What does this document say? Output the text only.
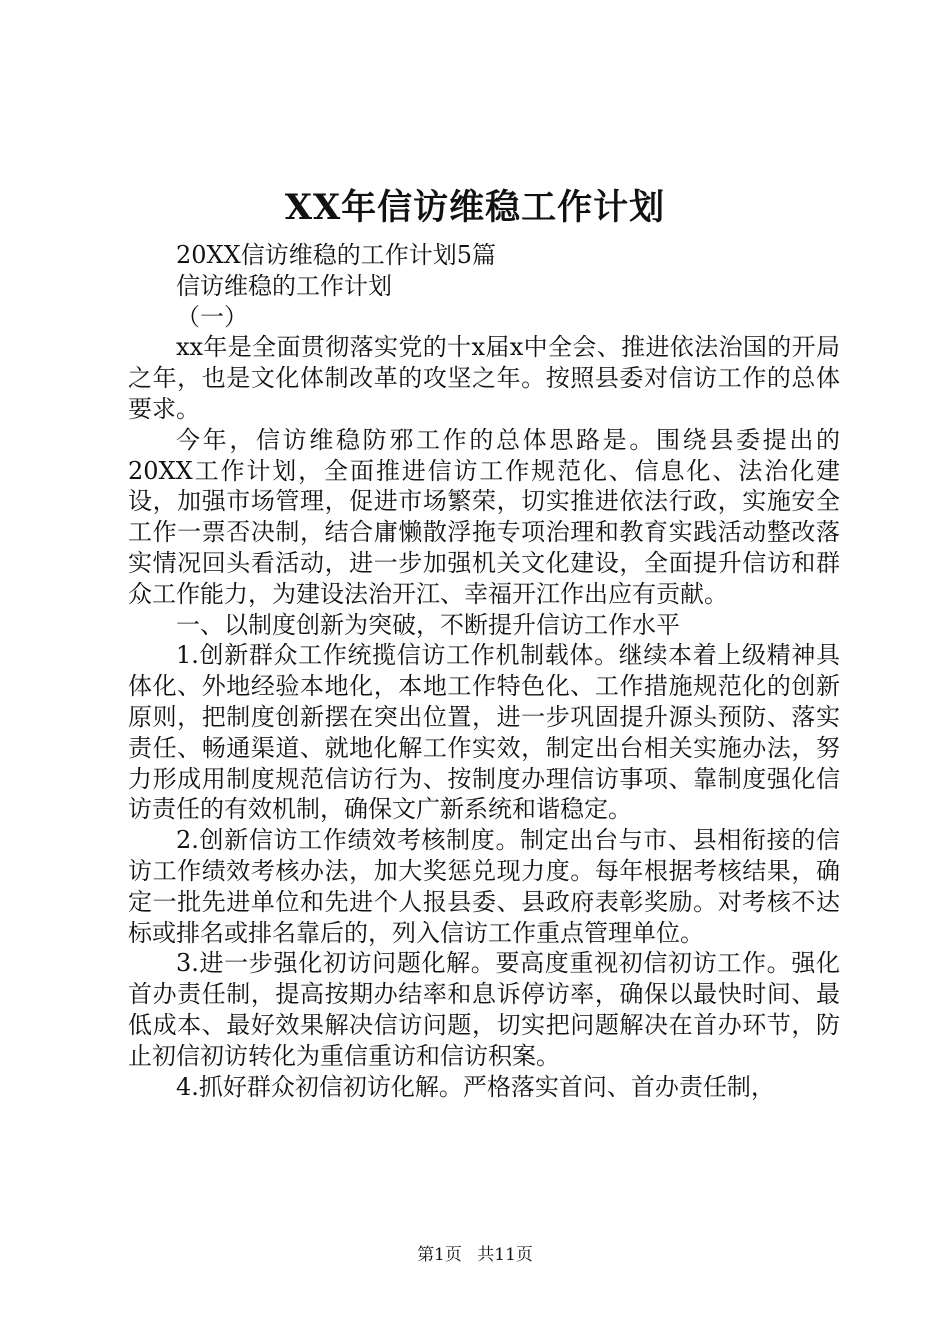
XX年信访维稳工作计划

20XX信访维稳的工作计划5篇

信访维稳的工作计划

（一）

xx年是全面贯彻落实党的十x届x中全会、推进依法治国的开局之年，也是文化体制改革的攻坚之年。按照县委对信访工作的总体要求。

今年，信访维稳防邪工作的总体思路是。围绕县委提出的20XX工作计划，全面推进信访工作规范化、信息化、法治化建设，加强市场管理，促进市场繁荣，切实推进依法行政，实施安全工作一票否决制，结合庸懒散浮拖专项治理和教育实践活动整改落实情况回头看活动，进一步加强机关文化建设，全面提升信访和群众工作能力，为建设法治开江、幸福开江作出应有贡献。

一、以制度创新为突破，不断提升信访工作水平

1.创新群众工作统揽信访工作机制载体。继续本着上级精神具体化、外地经验本地化，本地工作特色化、工作措施规范化的创新原则，把制度创新摆在突出位置，进一步巩固提升源头预防、落实责任、畅通渠道、就地化解工作实效，制定出台相关实施办法，努力形成用制度规范信访行为、按制度办理信访事项、靠制度强化信访责任的有效机制，确保文广新系统和谐稳定。

2.创新信访工作绩效考核制度。制定出台与市、县相衔接的信访工作绩效考核办法，加大奖惩兑现力度。每年根据考核结果，确定一批先进单位和先进个人报县委、县政府表彰奖励。对考核不达标或排名或排名靠后的，列入信访工作重点管理单位。

3.进一步强化初访问题化解。要高度重视初信初访工作。强化首办责任制，提高按期办结率和息诉停访率，确保以最快时间、最低成本、最好效果解决信访问题，切实把问题解决在首办环节，防止初信初访转化为重信重访和信访积案。

4.抓好群众初信初访化解。严格落实首问、首办责任制，

第1页 共11页
